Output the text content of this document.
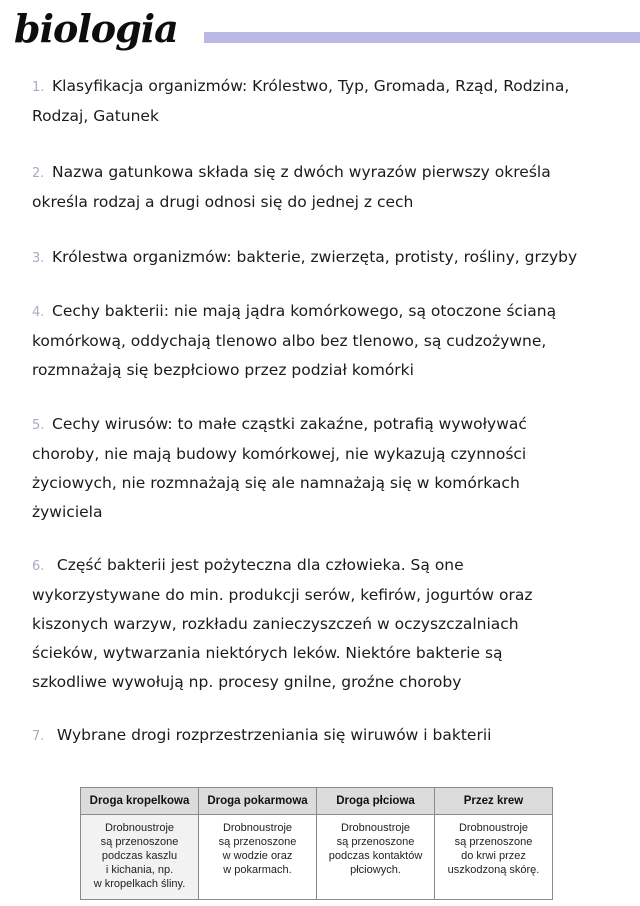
biologia
1. Klasyfikacja organizmów: Królestwo, Typ, Gromada, Rząd, Rodzina,
Rodzaj, Gatunek
2. Nazwa gatunkowa składa się z dwóch wyrazów pierwszy określa
określa rodzaj a drugi odnosi się do jednej z cech
3. Królestwa organizmów: bakterie, zwierzęta, protisty, rośliny, grzyby
4. Cechy bakterii: nie mają jądra komórkowego, są otoczone ścianą
komórkową, oddychają tlenowo albo bez tlenowo, są cudzożywne,
rozmnażają się bezpłciowo przez podział komórki
5. Cechy wirusów: to małe cząstki zakaźne, potrafią wywoływać
choroby, nie mają budowy komórkowej, nie wykazują czynności
życiowych, nie rozmnażają się ale namnażają się w komórkach
żywiciela
6. Część bakterii jest pożyteczna dla człowieka. Są one
wykorzystywane do min. produkcji serów, kefirów, jogurtów oraz
kiszonych warzyw, rozkładu zanieczyszczeń w oczyszczalniach
ścieków, wytwarzania niektórych leków. Niektóre bakterie są
szkodliwe wywołują np. procesy gnilne, groźne choroby
7. Wybrane drogi rozprzestrzeniania się wiruwów i bakterii
Droga kropelkowa	Droga pokarmowa	Droga płciowa	Przez krew
Drobnoustroje
są przenoszone
podczas kaszlu
i kichania, np.
w kropelkach śliny.	Drobnoustroje
są przenoszone
w wodzie oraz
w pokarmach.	Drobnoustroje
są przenoszone
podczas kontaktów
płciowych.	Drobnoustroje
są przenoszone
do krwi przez
uszkodzoną skórę.
